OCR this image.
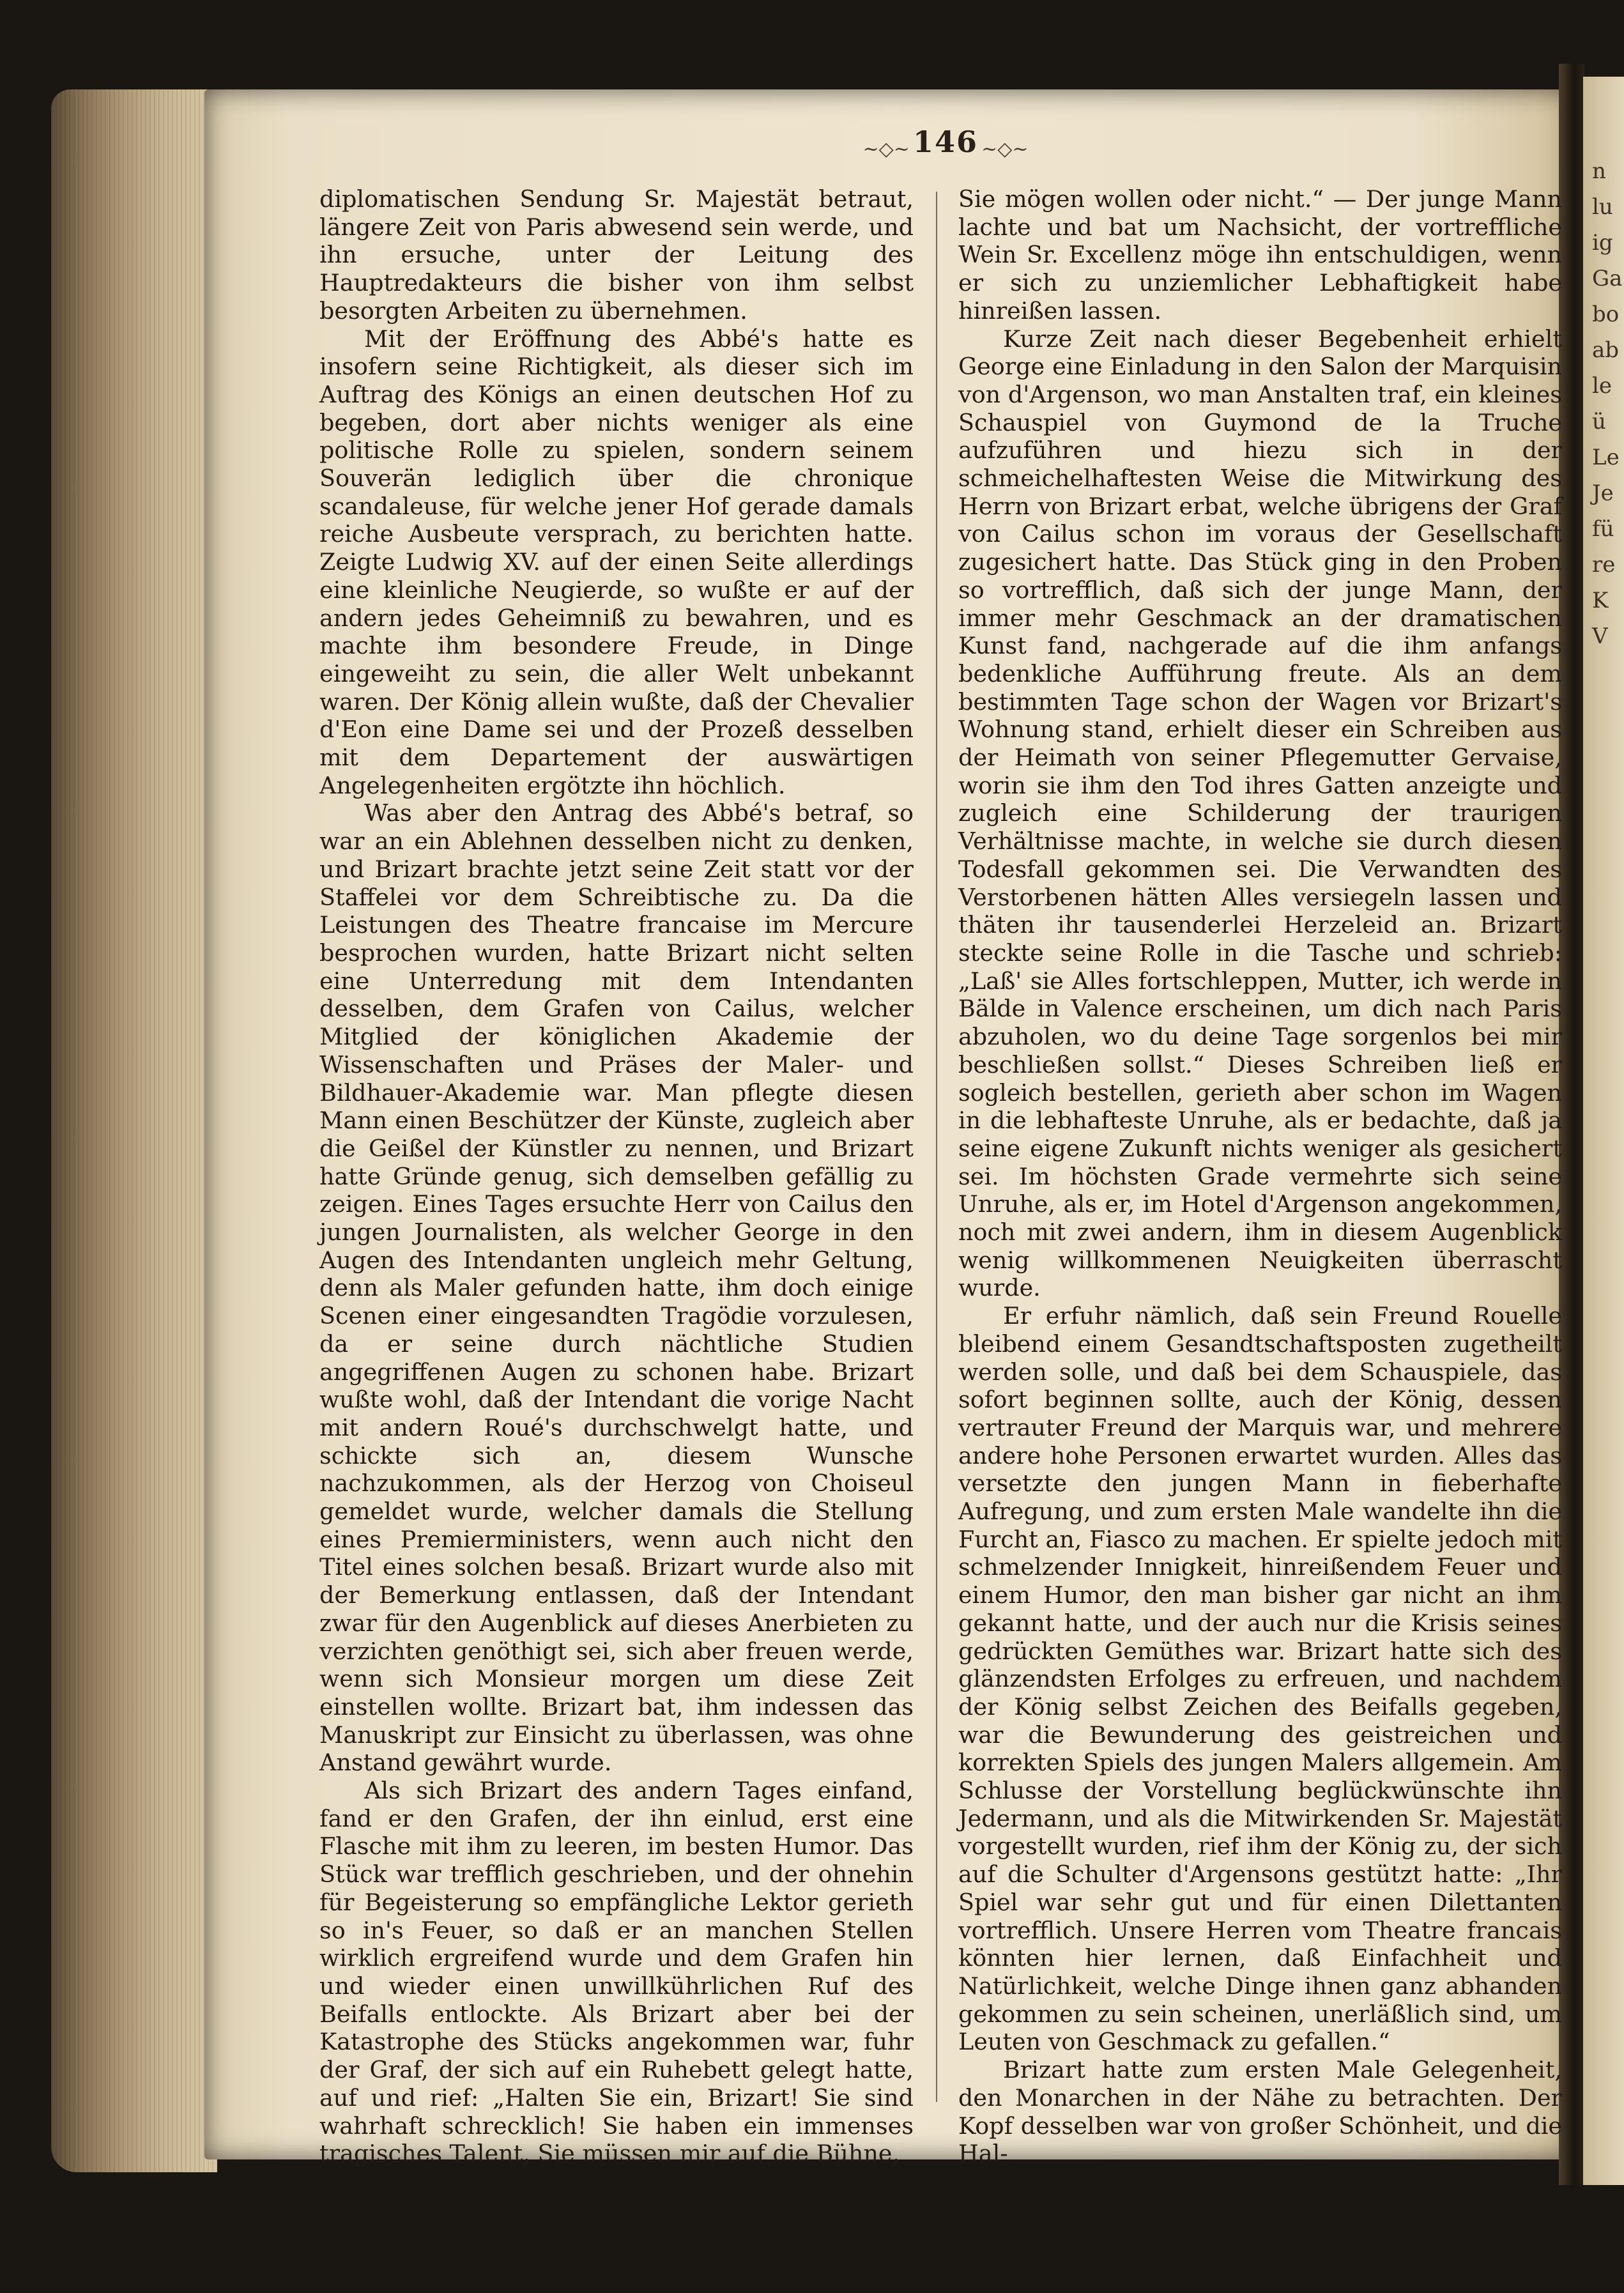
n
lu
ig
Ga
bo
ab
le
ü
Le
Je
fü
re
K
V
~◇~ 146 ~◇~

diplomatischen Sendung Sr. Majestät betraut, längere Zeit von Paris abwesend sein werde, und ihn ersuche, unter der Leitung des Hauptredakteurs die bisher von ihm selbst besorgten Arbeiten zu übernehmen.

Mit der Eröffnung des Abbé's hatte es insofern seine Richtigkeit, als dieser sich im Auftrag des Königs an einen deutschen Hof zu begeben, dort aber nichts weniger als eine politische Rolle zu spielen, sondern seinem Souverän lediglich über die chronique scandaleuse, für welche jener Hof gerade damals reiche Ausbeute versprach, zu berichten hatte. Zeigte Ludwig XV. auf der einen Seite allerdings eine kleinliche Neugierde, so wußte er auf der andern jedes Geheimniß zu bewahren, und es machte ihm besondere Freude, in Dinge eingeweiht zu sein, die aller Welt unbekannt waren. Der König allein wußte, daß der Chevalier d'Eon eine Dame sei und der Prozeß desselben mit dem Departement der auswärtigen Angelegenheiten ergötzte ihn höchlich.

Was aber den Antrag des Abbé's betraf, so war an ein Ablehnen desselben nicht zu denken, und Brizart brachte jetzt seine Zeit statt vor der Staffelei vor dem Schreibtische zu. Da die Leistungen des Theatre francaise im Mercure besprochen wurden, hatte Brizart nicht selten eine Unterredung mit dem Intendanten desselben, dem Grafen von Cailus, welcher Mitglied der königlichen Akademie der Wissenschaften und Präses der Maler- und Bildhauer-Akademie war. Man pflegte diesen Mann einen Beschützer der Künste, zugleich aber die Geißel der Künstler zu nennen, und Brizart hatte Gründe genug, sich demselben gefällig zu zeigen. Eines Tages ersuchte Herr von Cailus den jungen Journalisten, als welcher George in den Augen des Intendanten ungleich mehr Geltung, denn als Maler gefunden hatte, ihm doch einige Scenen einer eingesandten Tragödie vorzulesen, da er seine durch nächtliche Studien angegriffenen Augen zu schonen habe. Brizart wußte wohl, daß der Intendant die vorige Nacht mit andern Roué's durchschwelgt hatte, und schickte sich an, diesem Wunsche nachzukommen, als der Herzog von Choiseul gemeldet wurde, welcher damals die Stellung eines Premierministers, wenn auch nicht den Titel eines solchen besaß. Brizart wurde also mit der Bemerkung entlassen, daß der Intendant zwar für den Augenblick auf dieses Anerbieten zu verzichten genöthigt sei, sich aber freuen werde, wenn sich Monsieur morgen um diese Zeit einstellen wollte. Brizart bat, ihm indessen das Manuskript zur Einsicht zu überlassen, was ohne Anstand gewährt wurde.

Als sich Brizart des andern Tages einfand, fand er den Grafen, der ihn einlud, erst eine Flasche mit ihm zu leeren, im besten Humor. Das Stück war trefflich geschrieben, und der ohnehin für Begeisterung so empfängliche Lektor gerieth so in's Feuer, so daß er an manchen Stellen wirklich ergreifend wurde und dem Grafen hin und wieder einen unwillkührlichen Ruf des Beifalls entlockte. Als Brizart aber bei der Katastrophe des Stücks angekommen war, fuhr der Graf, der sich auf ein Ruhebett gelegt hatte, auf und rief: „Halten Sie ein, Brizart! Sie sind wahrhaft schrecklich! Sie haben ein immenses tragisches Talent, Sie müssen mir auf die Bühne,

Sie mögen wollen oder nicht.“ — Der junge Mann lachte und bat um Nachsicht, der vortreffliche Wein Sr. Excellenz möge ihn entschuldigen, wenn er sich zu unziemlicher Lebhaftigkeit habe hinreißen lassen.

Kurze Zeit nach dieser Begebenheit erhielt George eine Einladung in den Salon der Marquisin von d'Argenson, wo man Anstalten traf, ein kleines Schauspiel von Guymond de la Truche aufzuführen und hiezu sich in der schmeichelhaftesten Weise die Mitwirkung des Herrn von Brizart erbat, welche übrigens der Graf von Cailus schon im voraus der Gesellschaft zugesichert hatte. Das Stück ging in den Proben so vortrefflich, daß sich der junge Mann, der immer mehr Geschmack an der dramatischen Kunst fand, nachgerade auf die ihm anfangs bedenkliche Aufführung freute. Als an dem bestimmten Tage schon der Wagen vor Brizart's Wohnung stand, erhielt dieser ein Schreiben aus der Heimath von seiner Pflegemutter Gervaise, worin sie ihm den Tod ihres Gatten anzeigte und zugleich eine Schilderung der traurigen Verhältnisse machte, in welche sie durch diesen Todesfall gekommen sei. Die Verwandten des Verstorbenen hätten Alles versiegeln lassen und thäten ihr tausenderlei Herzeleid an. Brizart steckte seine Rolle in die Tasche und schrieb: „Laß' sie Alles fortschleppen, Mutter, ich werde in Bälde in Valence erscheinen, um dich nach Paris abzuholen, wo du deine Tage sorgenlos bei mir beschließen sollst.“ Dieses Schreiben ließ er sogleich bestellen, gerieth aber schon im Wagen in die lebhafteste Unruhe, als er bedachte, daß ja seine eigene Zukunft nichts weniger als gesichert sei. Im höchsten Grade vermehrte sich seine Unruhe, als er, im Hotel d'Argenson angekommen, noch mit zwei andern, ihm in diesem Augenblick wenig willkommenen Neuigkeiten überrascht wurde.

Er erfuhr nämlich, daß sein Freund Rouelle bleibend einem Gesandtschaftsposten zugetheilt werden solle, und daß bei dem Schauspiele, das sofort beginnen sollte, auch der König, dessen vertrauter Freund der Marquis war, und mehrere andere hohe Personen erwartet wurden. Alles das versetzte den jungen Mann in fieberhafte Aufregung, und zum ersten Male wandelte ihn die Furcht an, Fiasco zu machen. Er spielte jedoch mit schmelzender Innigkeit, hinreißendem Feuer und einem Humor, den man bisher gar nicht an ihm gekannt hatte, und der auch nur die Krisis seines gedrückten Gemüthes war. Brizart hatte sich des glänzendsten Erfolges zu erfreuen, und nachdem der König selbst Zeichen des Beifalls gegeben, war die Bewunderung des geistreichen und korrekten Spiels des jungen Malers allgemein. Am Schlusse der Vorstellung beglückwünschte ihn Jedermann, und als die Mitwirkenden Sr. Majestät vorgestellt wurden, rief ihm der König zu, der sich auf die Schulter d'Argensons gestützt hatte: „Ihr Spiel war sehr gut und für einen Dilettanten vortrefflich. Unsere Herren vom Theatre francais könnten hier lernen, daß Einfachheit und Natürlichkeit, welche Dinge ihnen ganz abhanden gekommen zu sein scheinen, unerläßlich sind, um Leuten von Geschmack zu gefallen.“

Brizart hatte zum ersten Male Gelegenheit, den Monarchen in der Nähe zu betrachten. Der Kopf desselben war von großer Schönheit, und die Hal-
